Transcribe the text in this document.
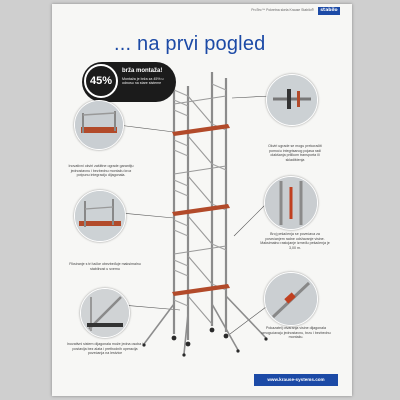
ProTec™ Pokretna skela Krause Stabilo®	stabilo
... na prvi pogled
45%
brža montaža!
Montaža je brža za 45% u odnosu na stare sisteme
Inovativni okviri zaštitne ograde garantiju jednostavnu i bezbednu montažu kroz potpunu integraciju dijagonala.
Okviri ugrade se mogu prekoračiti pomoću integrisanog pojasa radi olakšanja prilikom transporta ili skladištenja
Fiksiranje s tri tačke obezbeđuje maksimalnu stabilnost u svemu
Broj pešačenja se povećava za povećanjem radne održavanje visine. Maksimalno rastojanje između pešačenja je 3,00 m.
Inovativni sistem dijagonala može jedna osoba i postavlja bez alata i prethodnih operacija povećanja na lestvice
Pokazatelj otvaranja visine dijagonala omogućavaju jednostavnu, brzu i bezbednu montažu.
www.krause-systems.com
